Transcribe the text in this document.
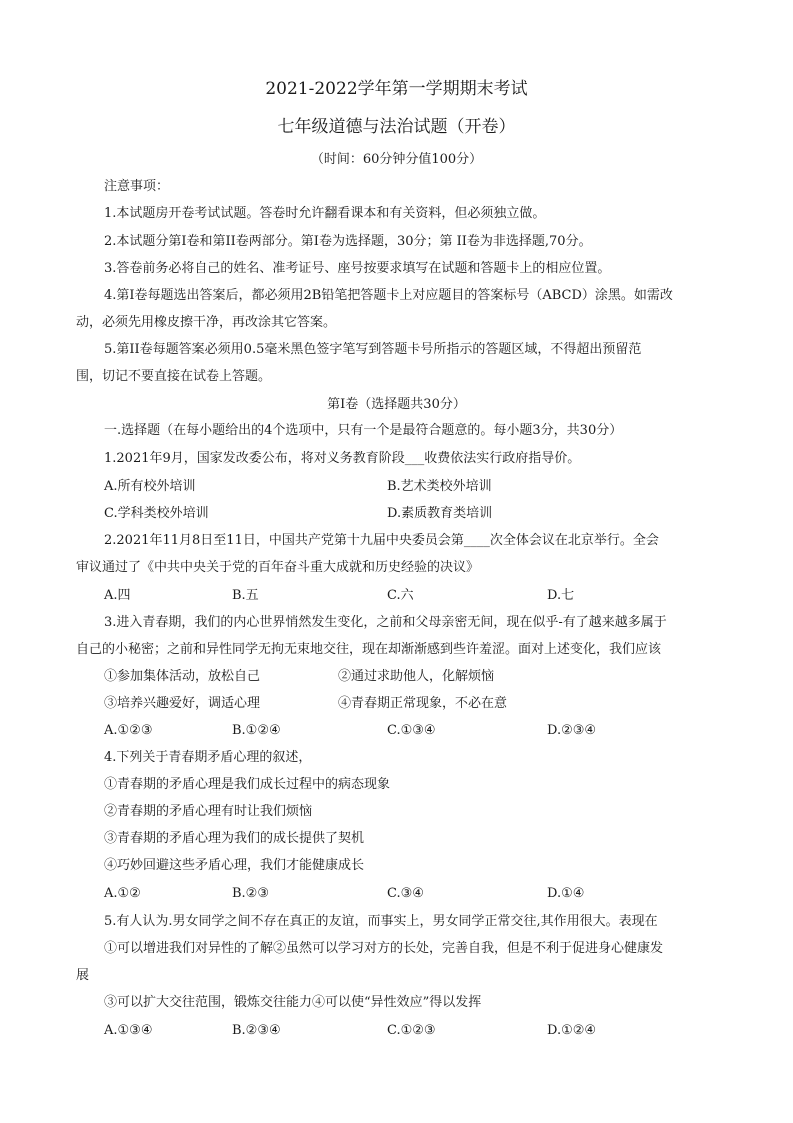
2021-2022学年第一学期期末考试
七年级道德与法治试题（开卷）
（时间：60分钟分值100分）
注意事项：
1.本试题房开卷考试试题。答卷时允许翻看课本和有关资料，但必须独立做。
2.本试题分第I卷和第II卷两部分。第I卷为选择题，30分；第 II卷为非选择题,70分。
3.答卷前务必将自己的姓名、准考证号、座号按要求填写在试题和答题卡上的相应位置。
4.第I卷每题选出答案后，都必须用2B铅笔把答题卡上对应题目的答案标号（ABCD）涂黑。如需改
动，必须先用橡皮擦干净，再改涂其它答案。
5.第II卷每题答案必须用0.5毫米黑色签字笔写到答题卡号所指示的答题区域，不得超出预留范
围，切记不要直接在试卷上答题。
第I卷（选择题共30分）
一.选择题（在每小题给出的4个选项中，只有一个是最符合题意的。每小题3分，共30分）
1.2021年9月，国家发改委公布，将对义务教育阶段___收费依法实行政府指导价。
A.所有校外培训	B.艺术类校外培训
C.学科类校外培训	D.素质教育类培训
2.2021年11月8日至11日，中国共产党第十九届中央委员会第____次全体会议在北京举行。全会
审议通过了《中共中央关于党的百年奋斗重大成就和历史经验的决议》
A.四	B.五	C.六	D.七
3.进入青春期，我们的内心世界悄然发生变化，之前和父母亲密无间，现在似乎-有了越来越多属于
自己的小秘密；之前和异性同学无拘无束地交往，现在却渐渐感到些许羞涩。面对上述变化，我们应该
①参加集体活动，放松自己	②通过求助他人，化解烦恼
③培养兴趣爱好，调适心理	④青春期正常现象，不必在意
A.①②③	B.①②④	C.①③④	D.②③④
4.下列关于青春期矛盾心理的叙述，
①青春期的矛盾心理是我们成长过程中的病态现象
②青春期的矛盾心理有时让我们烦恼
③青春期的矛盾心理为我们的成长提供了契机
④巧妙回避这些矛盾心理，我们才能健康成长
A.①②	B.②③	C.③④	D.①④
5.有人认为.男女同学之间不存在真正的友谊，而事实上，男女同学正常交往,其作用很大。表现在
①可以增进我们对异性的了解②虽然可以学习对方的长处，完善自我，但是不利于促进身心健康发
展
③可以扩大交往范围，锻炼交往能力④可以使“异性效应”得以发挥
A.①③④	B.②③④	C.①②③	D.①②④
